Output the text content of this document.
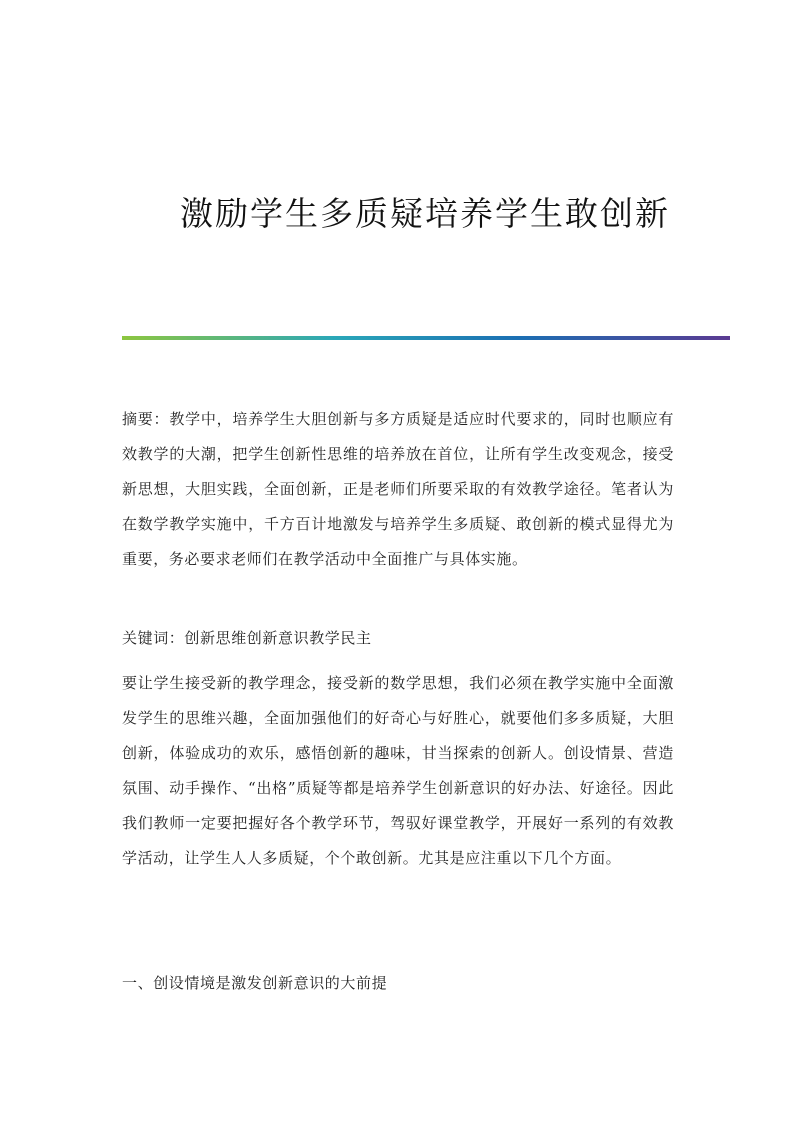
激励学生多质疑培养学生敢创新

摘要：教学中，培养学生大胆创新与多方质疑是适应时代要求的，同时也顺应有效教学的大潮，把学生创新性思维的培养放在首位，让所有学生改变观念，接受新思想，大胆实践，全面创新，正是老师们所要采取的有效教学途径。笔者认为在数学教学实施中，千方百计地激发与培养学生多质疑、敢创新的模式显得尤为重要，务必要求老师们在教学活动中全面推广与具体实施。

关键词：创新思维创新意识教学民主

要让学生接受新的教学理念，接受新的数学思想，我们必须在教学实施中全面激发学生的思维兴趣，全面加强他们的好奇心与好胜心，就要他们多多质疑，大胆创新，体验成功的欢乐，感悟创新的趣味，甘当探索的创新人。创设情景、营造氛围、动手操作、“出格”质疑等都是培养学生创新意识的好办法、好途径。因此我们教师一定要把握好各个教学环节，驾驭好课堂教学，开展好一系列的有效教学活动，让学生人人多质疑，个个敢创新。尤其是应注重以下几个方面。

一、创设情境是激发创新意识的大前提
